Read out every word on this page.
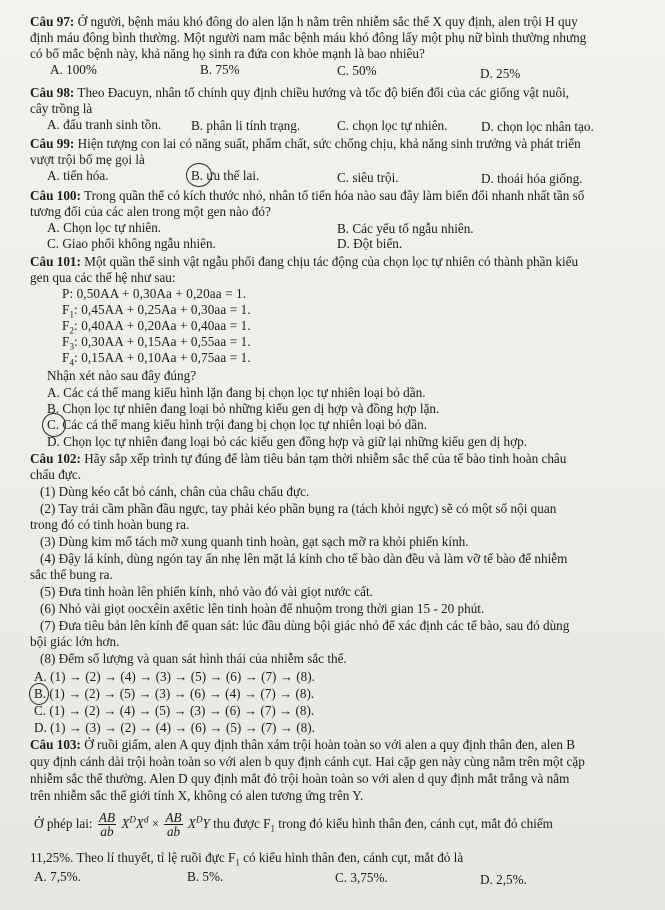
Câu 97: Ở người, bệnh máu khó đông do alen lặn h nằm trên nhiễm sắc thể X quy định, alen trội H quy
định máu đông bình thường. Một người nam mắc bệnh máu khó đông lấy một phụ nữ bình thường nhưng
có bố mắc bệnh này, khả năng họ sinh ra đứa con khỏe mạnh là bao nhiêu?
A. 100%	B. 75%	C. 50%	D. 25%
Câu 98: Theo Đacuyn, nhân tố chính quy định chiều hướng và tốc độ biến đổi của các giống vật nuôi,
cây trồng là
A. đấu tranh sinh tồn. B. phân li tính trạng.	C. chọn lọc tự nhiên.	D. chọn lọc nhân tạo.
Câu 99: Hiện tượng con lai có năng suất, phẩm chất, sức chống chịu, khả năng sinh trưởng và phát triển
vượt trội bố mẹ gọi là
A. tiến hóa.	B. ưu thế lai.	C. siêu trội.	D. thoái hóa giống.
Câu 100: Trong quần thể có kích thước nhỏ, nhân tố tiến hóa nào sau đây làm biến đổi nhanh nhất tần số
tương đối của các alen trong một gen nào đó?
A. Chọn lọc tự nhiên.	B. Các yếu tố ngẫu nhiên.
C. Giao phối không ngẫu nhiên.	D. Đột biến.
Câu 101: Một quần thể sinh vật ngẫu phối đang chịu tác động của chọn lọc tự nhiên có thành phần kiểu
gen qua các thế hệ như sau:
P: 0,50AA + 0,30Aa + 0,20aa = 1.
$F_1$: 0,45AA + 0,25Aa + 0,30aa = 1.
$F_2$: 0,40AA + 0,20Aa + 0,40aa = 1.
$F_3$: 0,30AA + 0,15Aa + 0,55aa = 1.
$F_4$: 0,15AA + 0,10Aa + 0,75aa = 1.
Nhận xét nào sau đây đúng?
A. Các cá thể mang kiểu hình lặn đang bị chọn lọc tự nhiên loại bỏ dần.
B. Chọn lọc tự nhiên đang loại bỏ những kiểu gen dị hợp và đồng hợp lặn.
C. Các cá thể mang kiểu hình trội đang bị chọn lọc tự nhiên loại bỏ dần.
D. Chọn lọc tự nhiên đang loại bỏ các kiểu gen đồng hợp và giữ lại những kiểu gen dị hợp.
Câu 102: Hãy sắp xếp trình tự đúng để làm tiêu bản tạm thời nhiễm sắc thể của tế bào tinh hoàn châu
chấu đực.
(1) Dùng kéo cắt bỏ cánh, chân của châu chấu đực.
(2) Tay trái cầm phần đầu ngực, tay phải kéo phần bụng ra (tách khỏi ngực) sẽ có một số nội quan
trong đó có tinh hoàn bung ra.
(3) Dùng kim mổ tách mỡ xung quanh tinh hoàn, gạt sạch mỡ ra khỏi phiến kính.
(4) Đậy lá kính, dùng ngón tay ấn nhẹ lên mặt lá kính cho tế bào dàn đều và làm vỡ tế bào để nhiễm
sắc thể bung ra.
(5) Đưa tinh hoàn lên phiến kính, nhỏ vào đó vài giọt nước cất.
(6) Nhỏ vài giọt oocxêin axêtic lên tinh hoàn để nhuộm trong thời gian 15 - 20 phút.
(7) Đưa tiêu bản lên kính để quan sát: lúc đầu dùng bội giác nhỏ để xác định các tế bào, sau đó dùng
bội giác lớn hơn.
(8) Đếm số lượng và quan sát hình thái của nhiễm sắc thể.
A. (1) → (2) → (4) → (3) → (5) → (6) → (7) → (8).
B. (1) → (2) → (5) → (3) → (6) → (4) → (7) → (8).
C. (1) → (2) → (4) → (5) → (3) → (6) → (7) → (8).
D. (1) → (3) → (2) → (4) → (6) → (5) → (7) → (8).
Câu 103: Ở ruồi giấm, alen A quy định thân xám trội hoàn toàn so với alen a quy định thân đen, alen B
quy định cánh dài trội hoàn toàn so với alen b quy định cánh cụt. Hai cặp gen này cùng nằm trên một cặp
nhiễm sắc thể thường. Alen D quy định mắt đỏ trội hoàn toàn so với alen d quy định mắt trắng và nằm
trên nhiễm sắc thể giới tính X, không có alen tương ứng trên Y.
Ở phép lai: $\frac{AB}{ab} X^DX^d \times \frac{AB}{ab} X^DY$ thu được $F_1$ trong đó kiểu hình thân đen, cánh cụt, mắt đỏ chiếm
11,25%. Theo lí thuyết, tỉ lệ ruồi đực $F_1$ có kiểu hình thân đen, cánh cụt, mắt đỏ là
A. 7,5%.	B. 5%.	C. 3,75%.	D. 2,5%.
